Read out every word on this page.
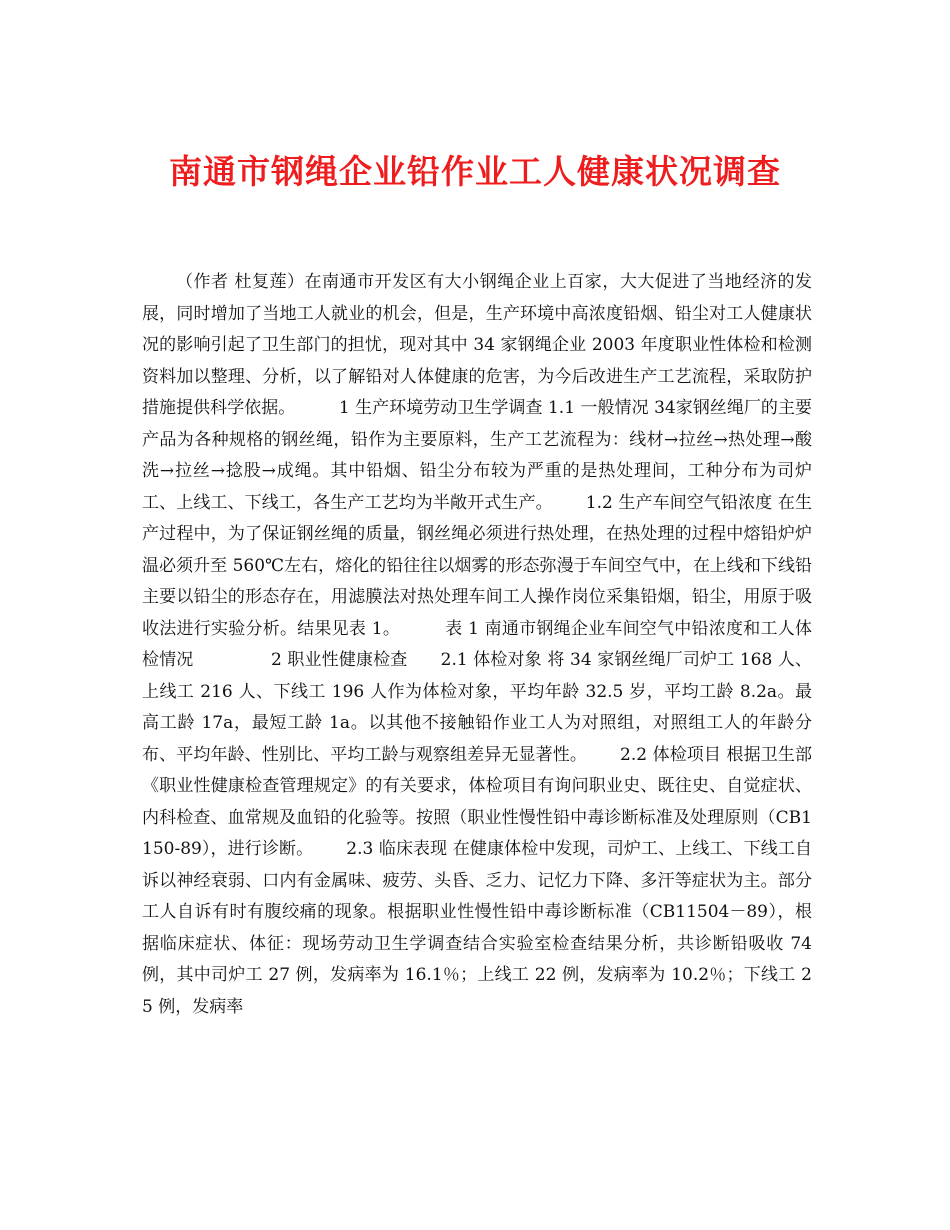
南通市钢绳企业铅作业工人健康状况调查

（作者 杜复莲）在南通市开发区有大小钢绳企业上百家，大大促进了当地经济的发展，同时增加了当地工人就业的机会，但是，生产环境中高浓度铅烟、铅尘对工人健康状况的影响引起了卫生部门的担忧，现对其中 34 家钢绳企业 2003 年度职业性体检和检测资料加以整理、分析，以了解铅对人体健康的危害，为今后改进生产工艺流程，采取防护措施提供科学依据。        1 生产环境劳动卫生学调查 1.1 一般情况 34家钢丝绳厂的主要产品为各种规格的钢丝绳，铅作为主要原料，生产工艺流程为：线材→拉丝→热处理→酸洗→拉丝→捻股→成绳。其中铅烟、铅尘分布较为严重的是热处理间，工种分布为司炉工、上线工、下线工，各生产工艺均为半敞开式生产。      1.2 生产车间空气铅浓度 在生产过程中，为了保证钢丝绳的质量，钢丝绳必须进行热处理，在热处理的过程中熔铅炉炉温必须升至 560℃左右，熔化的铅往往以烟雾的形态弥漫于车间空气中，在上线和下线铅主要以铅尘的形态存在，用滤膜法对热处理车间工人操作岗位采集铅烟，铅尘，用原于吸收法进行实验分析。结果见表 1。        表 1 南通市钢绳企业车间空气中铅浓度和工人体检情况              2 职业性健康检查      2.1 体检对象 将 34 家钢丝绳厂司炉工 168 人、上线工 216 人、下线工 196 人作为体检对象，平均年龄 32.5 岁，平均工龄 8.2a。最高工龄 17a，最短工龄 1a。以其他不接触铅作业工人为对照组，对照组工人的年龄分布、平均年龄、性别比、平均工龄与观察组差异无显著性。      2.2 体检项目 根据卫生部《职业性健康检查管理规定》的有关要求，体检项目有询问职业史、既往史、自觉症状、内科检查、血常规及血铅的化验等。按照（职业性慢性铅中毒诊断标准及处理原则（CB1150-89），进行诊断。      2.3 临床表现 在健康体检中发现，司炉工、上线工、下线工自诉以神经衰弱、口内有金属味、疲劳、头昏、乏力、记忆力下降、多汗等症状为主。部分工人自诉有时有腹绞痛的现象。根据职业性慢性铅中毒诊断标准（CB11504－89），根据临床症状、体征：现场劳动卫生学调查结合实验室检查结果分析，共诊断铅吸收 74 例，其中司炉工 27 例，发病率为 16.1％；上线工 22 例，发病率为 10.2％；下线工 25 例，发病率
